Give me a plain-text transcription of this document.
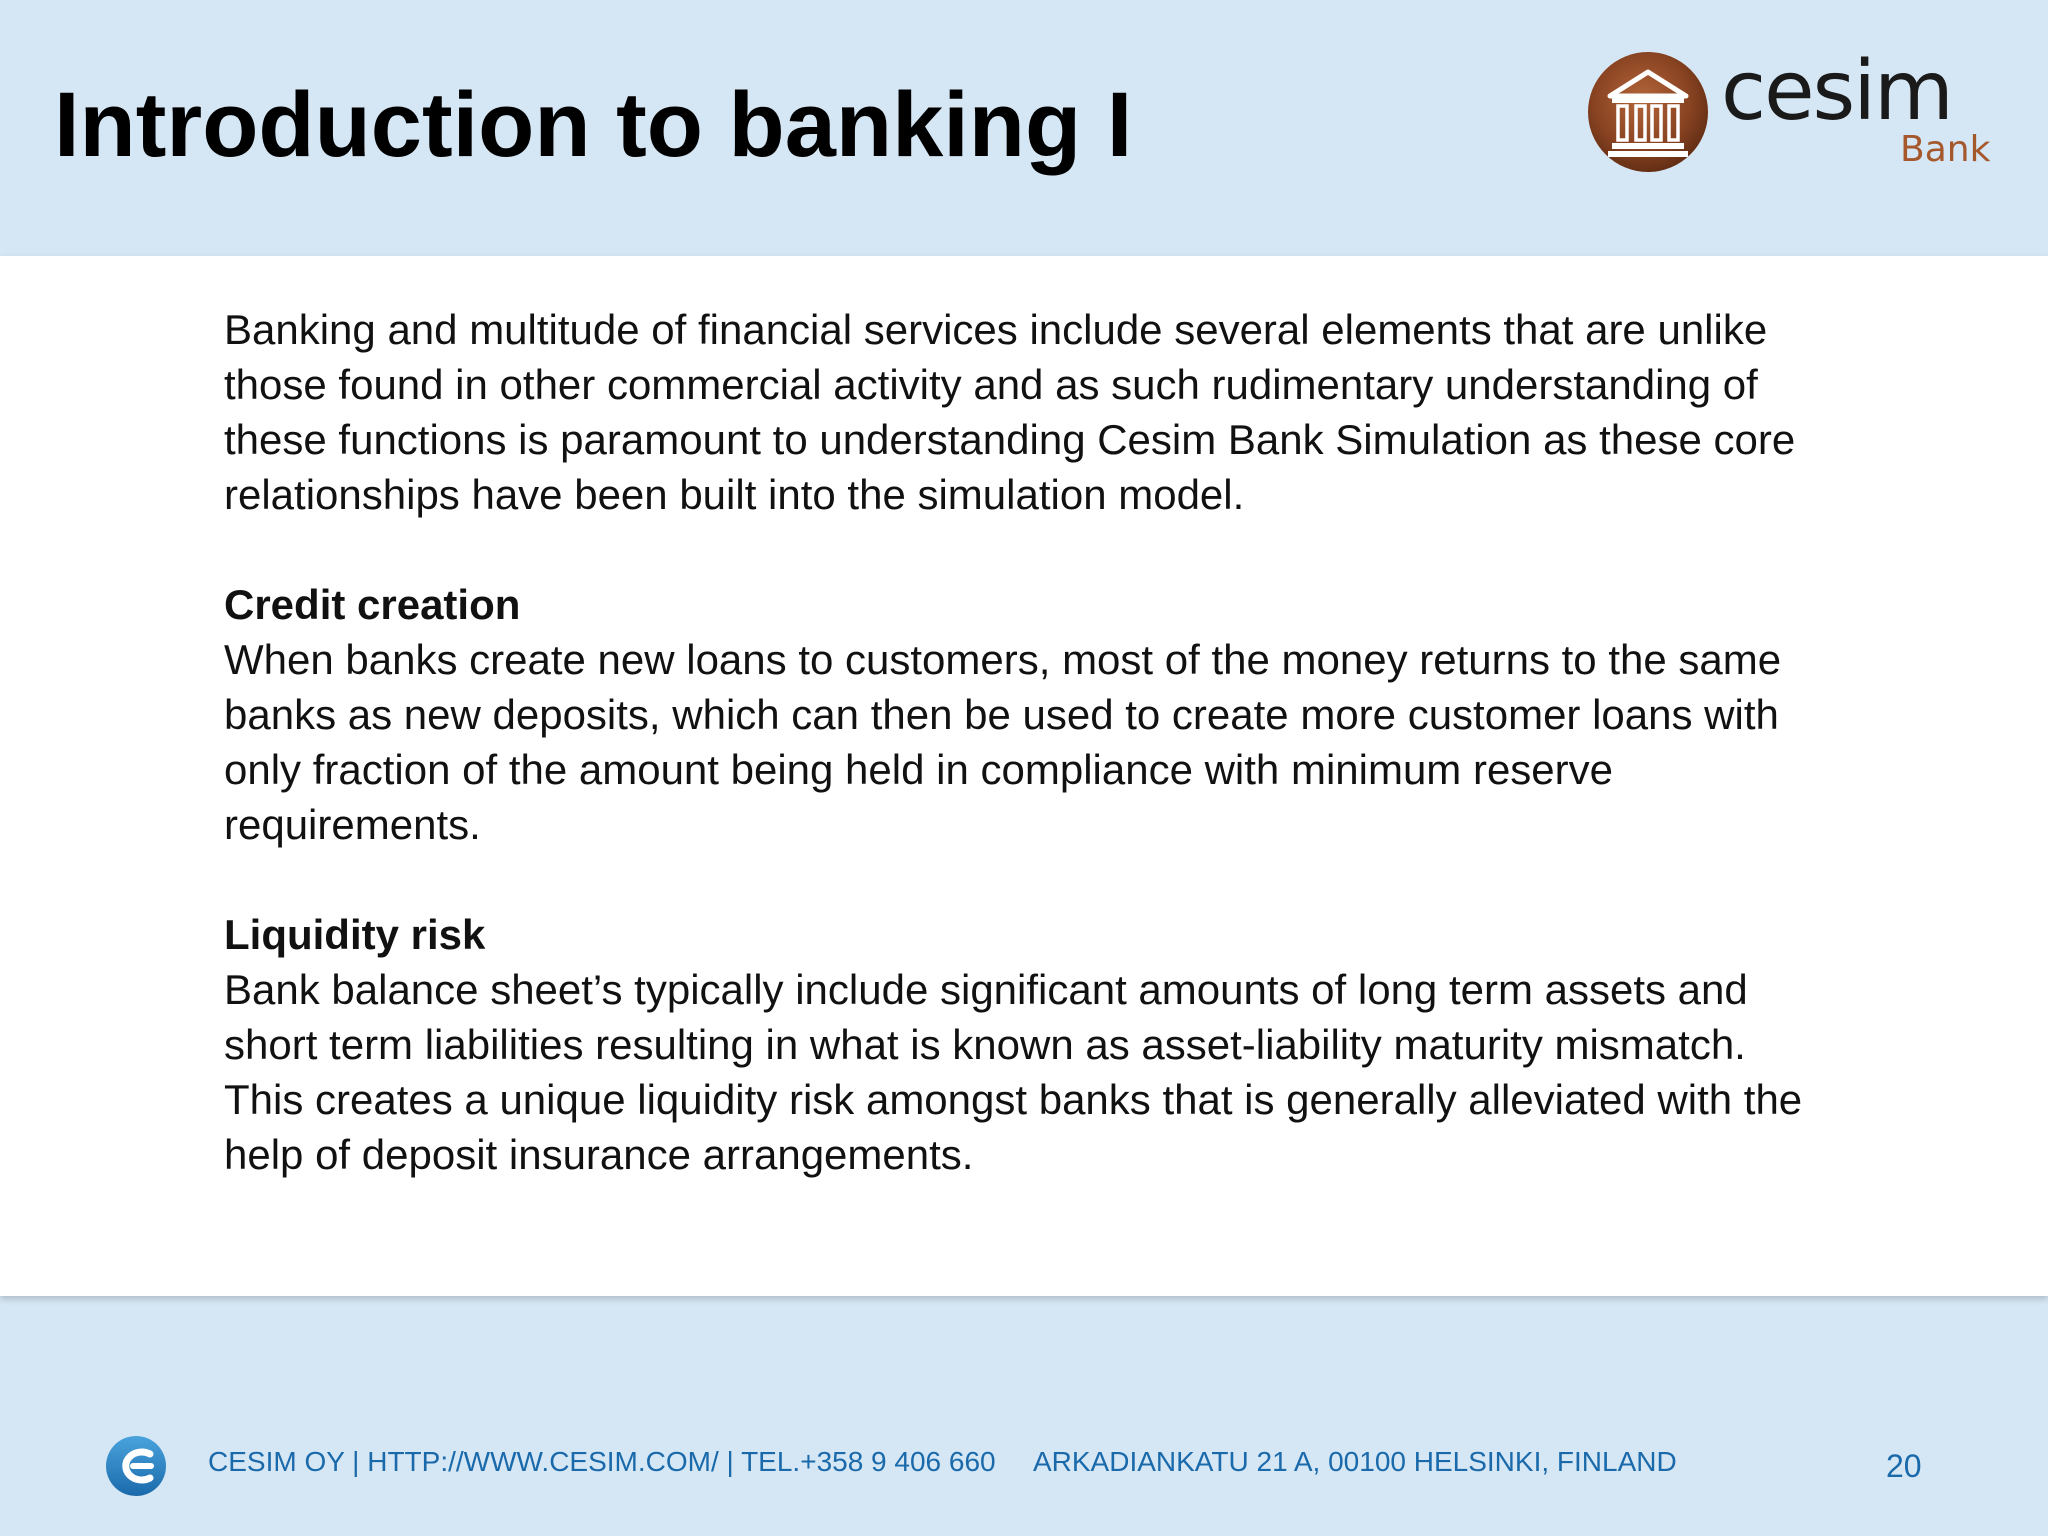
Introduction to banking I	cesim
Bank

Banking and multitude of financial services include several elements that are unlike those found in other commercial activity and as such rudimentary understanding of these functions is paramount to understanding Cesim Bank Simulation as these core relationships have been built into the simulation model.

Credit creation

When banks create new loans to customers, most of the money returns to the same banks as new deposits, which can then be used to create more customer loans with only fraction of the amount being held in compliance with minimum reserve requirements.

Liquidity risk

Bank balance sheet’s typically include significant amounts of long term assets and short term liabilities resulting in what is known as asset-liability maturity mismatch. This creates a unique liquidity risk amongst banks that is generally alleviated with the help of deposit insurance arrangements.

CESIM OY | HTTP://WWW.CESIM.COM/ | TEL.+358 9 406 660     ARKADIANKATU 21 A, 00100 HELSINKI, FINLAND	20
